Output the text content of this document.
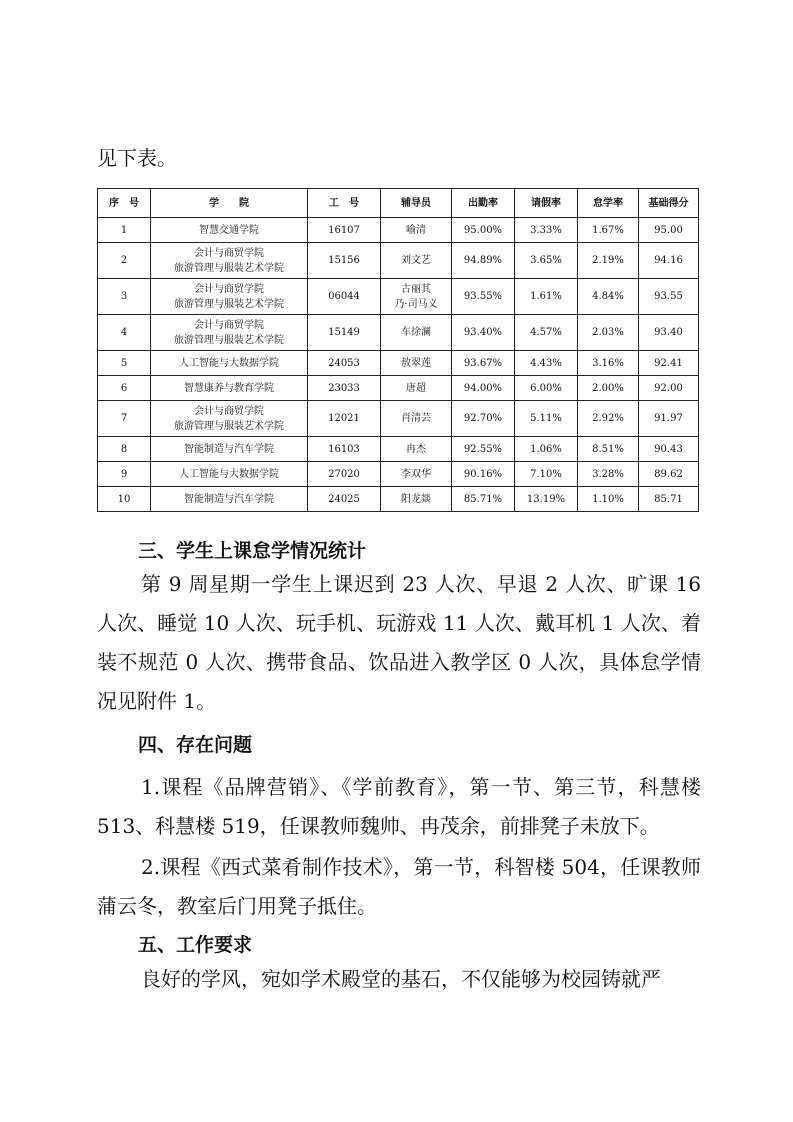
见下表。

序　号	学　　院	工　号	辅导员	出勤率	请假率	怠学率	基础得分
1	智慧交通学院	16107	喻清	95.00%	3.33%	1.67%	95.00
2	会计与商贸学院
旅游管理与服装艺术学院	15156	刘文艺	94.89%	3.65%	2.19%	94.16
3	会计与商贸学院
旅游管理与服装艺术学院	06044	古丽其
乃·司马义	93.55%	1.61%	4.84%	93.55
4	会计与商贸学院
旅游管理与服装艺术学院	15149	车徐澜	93.40%	4.57%	2.03%	93.40
5	人工智能与大数据学院	24053	敖翠莲	93.67%	4.43%	3.16%	92.41
6	智慧康养与教育学院	23033	唐超	94.00%	6.00%	2.00%	92.00
7	会计与商贸学院
旅游管理与服装艺术学院	12021	肖清芸	92.70%	5.11%	2.92%	91.97
8	智能制造与汽车学院	16103	冉杰	92.55%	1.06%	8.51%	90.43
9	人工智能与大数据学院	27020	李双华	90.16%	7.10%	3.28%	89.62
10	智能制造与汽车学院	24025	阳龙燚	85.71%	13.19%	1.10%	85.71

三、学生上课怠学情况统计

第 9 周星期一学生上课迟到 23 人次、早退 2 人次、旷课 16 人次、睡觉 10 人次、玩手机、玩游戏 11 人次、戴耳机 1 人次、着装不规范 0 人次、携带食品、饮品进入教学区 0 人次，具体怠学情况见附件 1。

四、存在问题

1.课程《品牌营销》、《学前教育》，第一节、第三节，科慧楼 513、科慧楼 519，任课教师魏帅、冉茂余，前排凳子未放下。

2.课程《西式菜肴制作技术》，第一节，科智楼 504，任课教师蒲云冬，教室后门用凳子抵住。

五、工作要求

良好的学风，宛如学术殿堂的基石，不仅能够为校园铸就严
